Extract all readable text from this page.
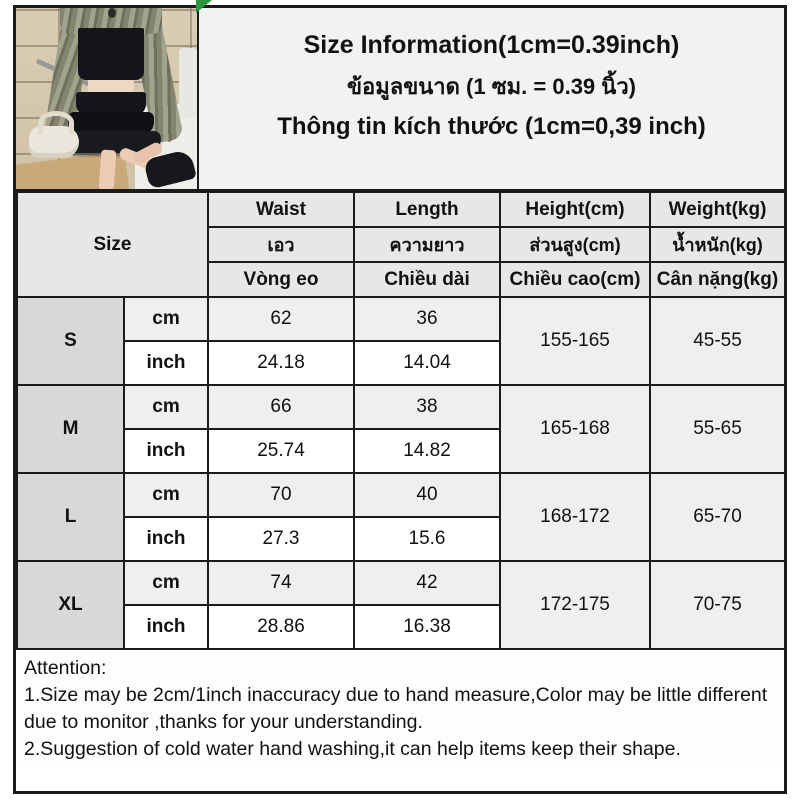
Size Information(1cm=0.39inch)
ข้อมูลขนาด (1 ซม. = 0.39 นิ้ว)
Thông tin kích thước (1cm=0,39 inch)
Size		Waist	Length	Height(cm)	Weight(kg)
		เอว	ความยาว	ส่วนสูง(cm)	น้ำหนัก(kg)
		Vòng eo	Chiều dài	Chiều cao(cm)	Cân nặng(kg)
S	cm	62	36	155-165	45-55
	inch	24.18	14.04		
M	cm	66	38	165-168	55-65
	inch	25.74	14.82		
L	cm	70	40	168-172	65-70
	inch	27.3	15.6		
XL	cm	74	42	172-175	70-75
	inch	28.86	16.38		

Attention:

1.Size may be 2cm/1inch inaccuracy due to hand measure,Color may be little different due to monitor ,thanks for your understanding.

2.Suggestion of cold water hand washing,it can help items keep their shape.
